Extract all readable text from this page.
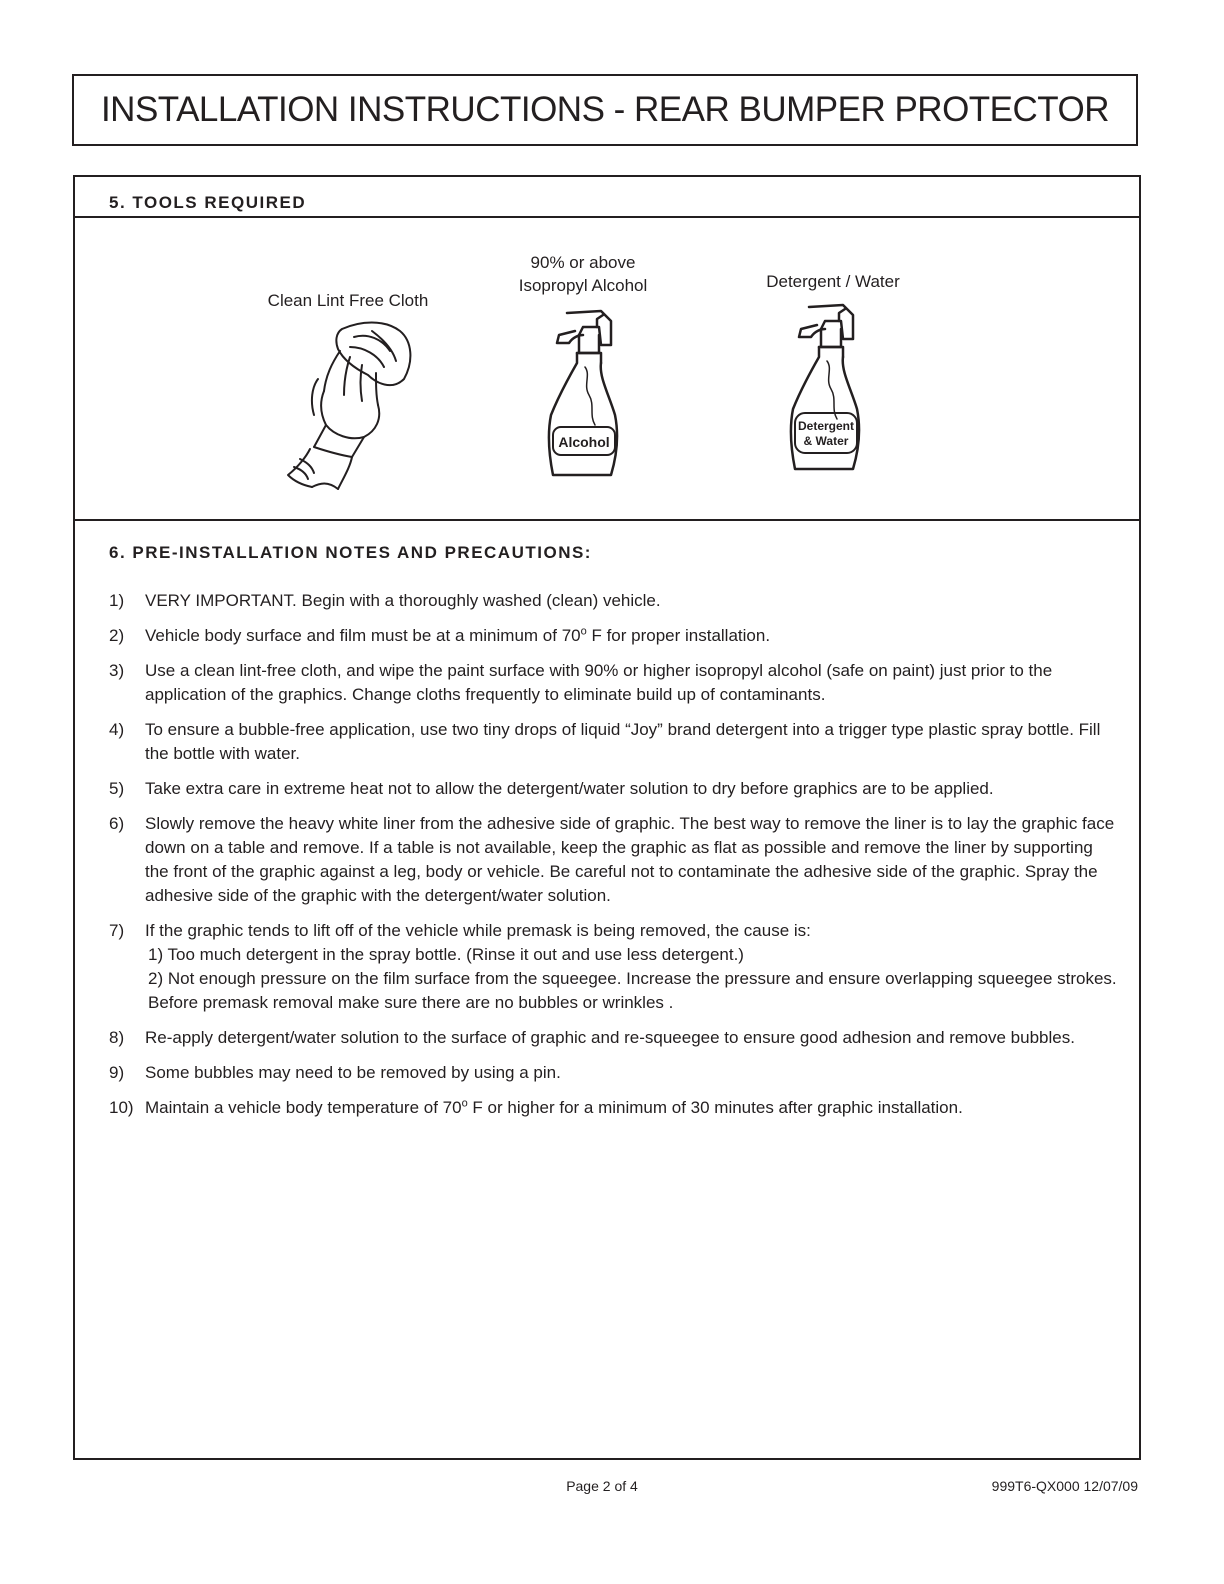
INSTALLATION INSTRUCTIONS - REAR BUMPER PROTECTOR
5. TOOLS REQUIRED
Clean Lint Free Cloth
90% or above
Isopropyl Alcohol
Alcohol
Detergent / Water
Detergent
& Water
6. PRE-INSTALLATION NOTES AND PRECAUTIONS:
1) VERY IMPORTANT. Begin with a thoroughly washed (clean) vehicle.
2) Vehicle body surface and film must be at a minimum of 70$^o$ F for proper installation.
3) Use a clean lint-free cloth, and wipe the paint surface with 90% or higher isopropyl alcohol (safe on paint) just prior to the application of the graphics. Change cloths frequently to eliminate build up of contaminants.
4) To ensure a bubble-free application, use two tiny drops of liquid “Joy” brand detergent into a trigger type plastic spray bottle. Fill the bottle with water.
5) Take extra care in extreme heat not to allow the detergent/water solution to dry before graphics are to be applied.
6) Slowly remove the heavy white liner from the adhesive side of graphic. The best way to remove the liner is to lay the graphic face down on a table and remove. If a table is not available, keep the graphic as flat as possible and remove the liner by supporting the front of the graphic against a leg, body or vehicle. Be careful not to contaminate the adhesive side of the graphic. Spray the adhesive side of the graphic with the detergent/water solution.
7) If the graphic tends to lift off of the vehicle while premask is being removed, the cause is:
1) Too much detergent in the spray bottle. (Rinse it out and use less detergent.)
2) Not enough pressure on the film surface from the squeegee. Increase the pressure and ensure overlapping squeegee strokes.
Before premask removal make sure there are no bubbles or wrinkles .
8) Re-apply detergent/water solution to the surface of graphic and re-squeegee to ensure good adhesion and remove bubbles.
9) Some bubbles may need to be removed by using a pin.
10) Maintain a vehicle body temperature of 70$^o$ F or higher for a minimum of 30 minutes after graphic installation.
Page 2 of 4	999T6-QX000 12/07/09
